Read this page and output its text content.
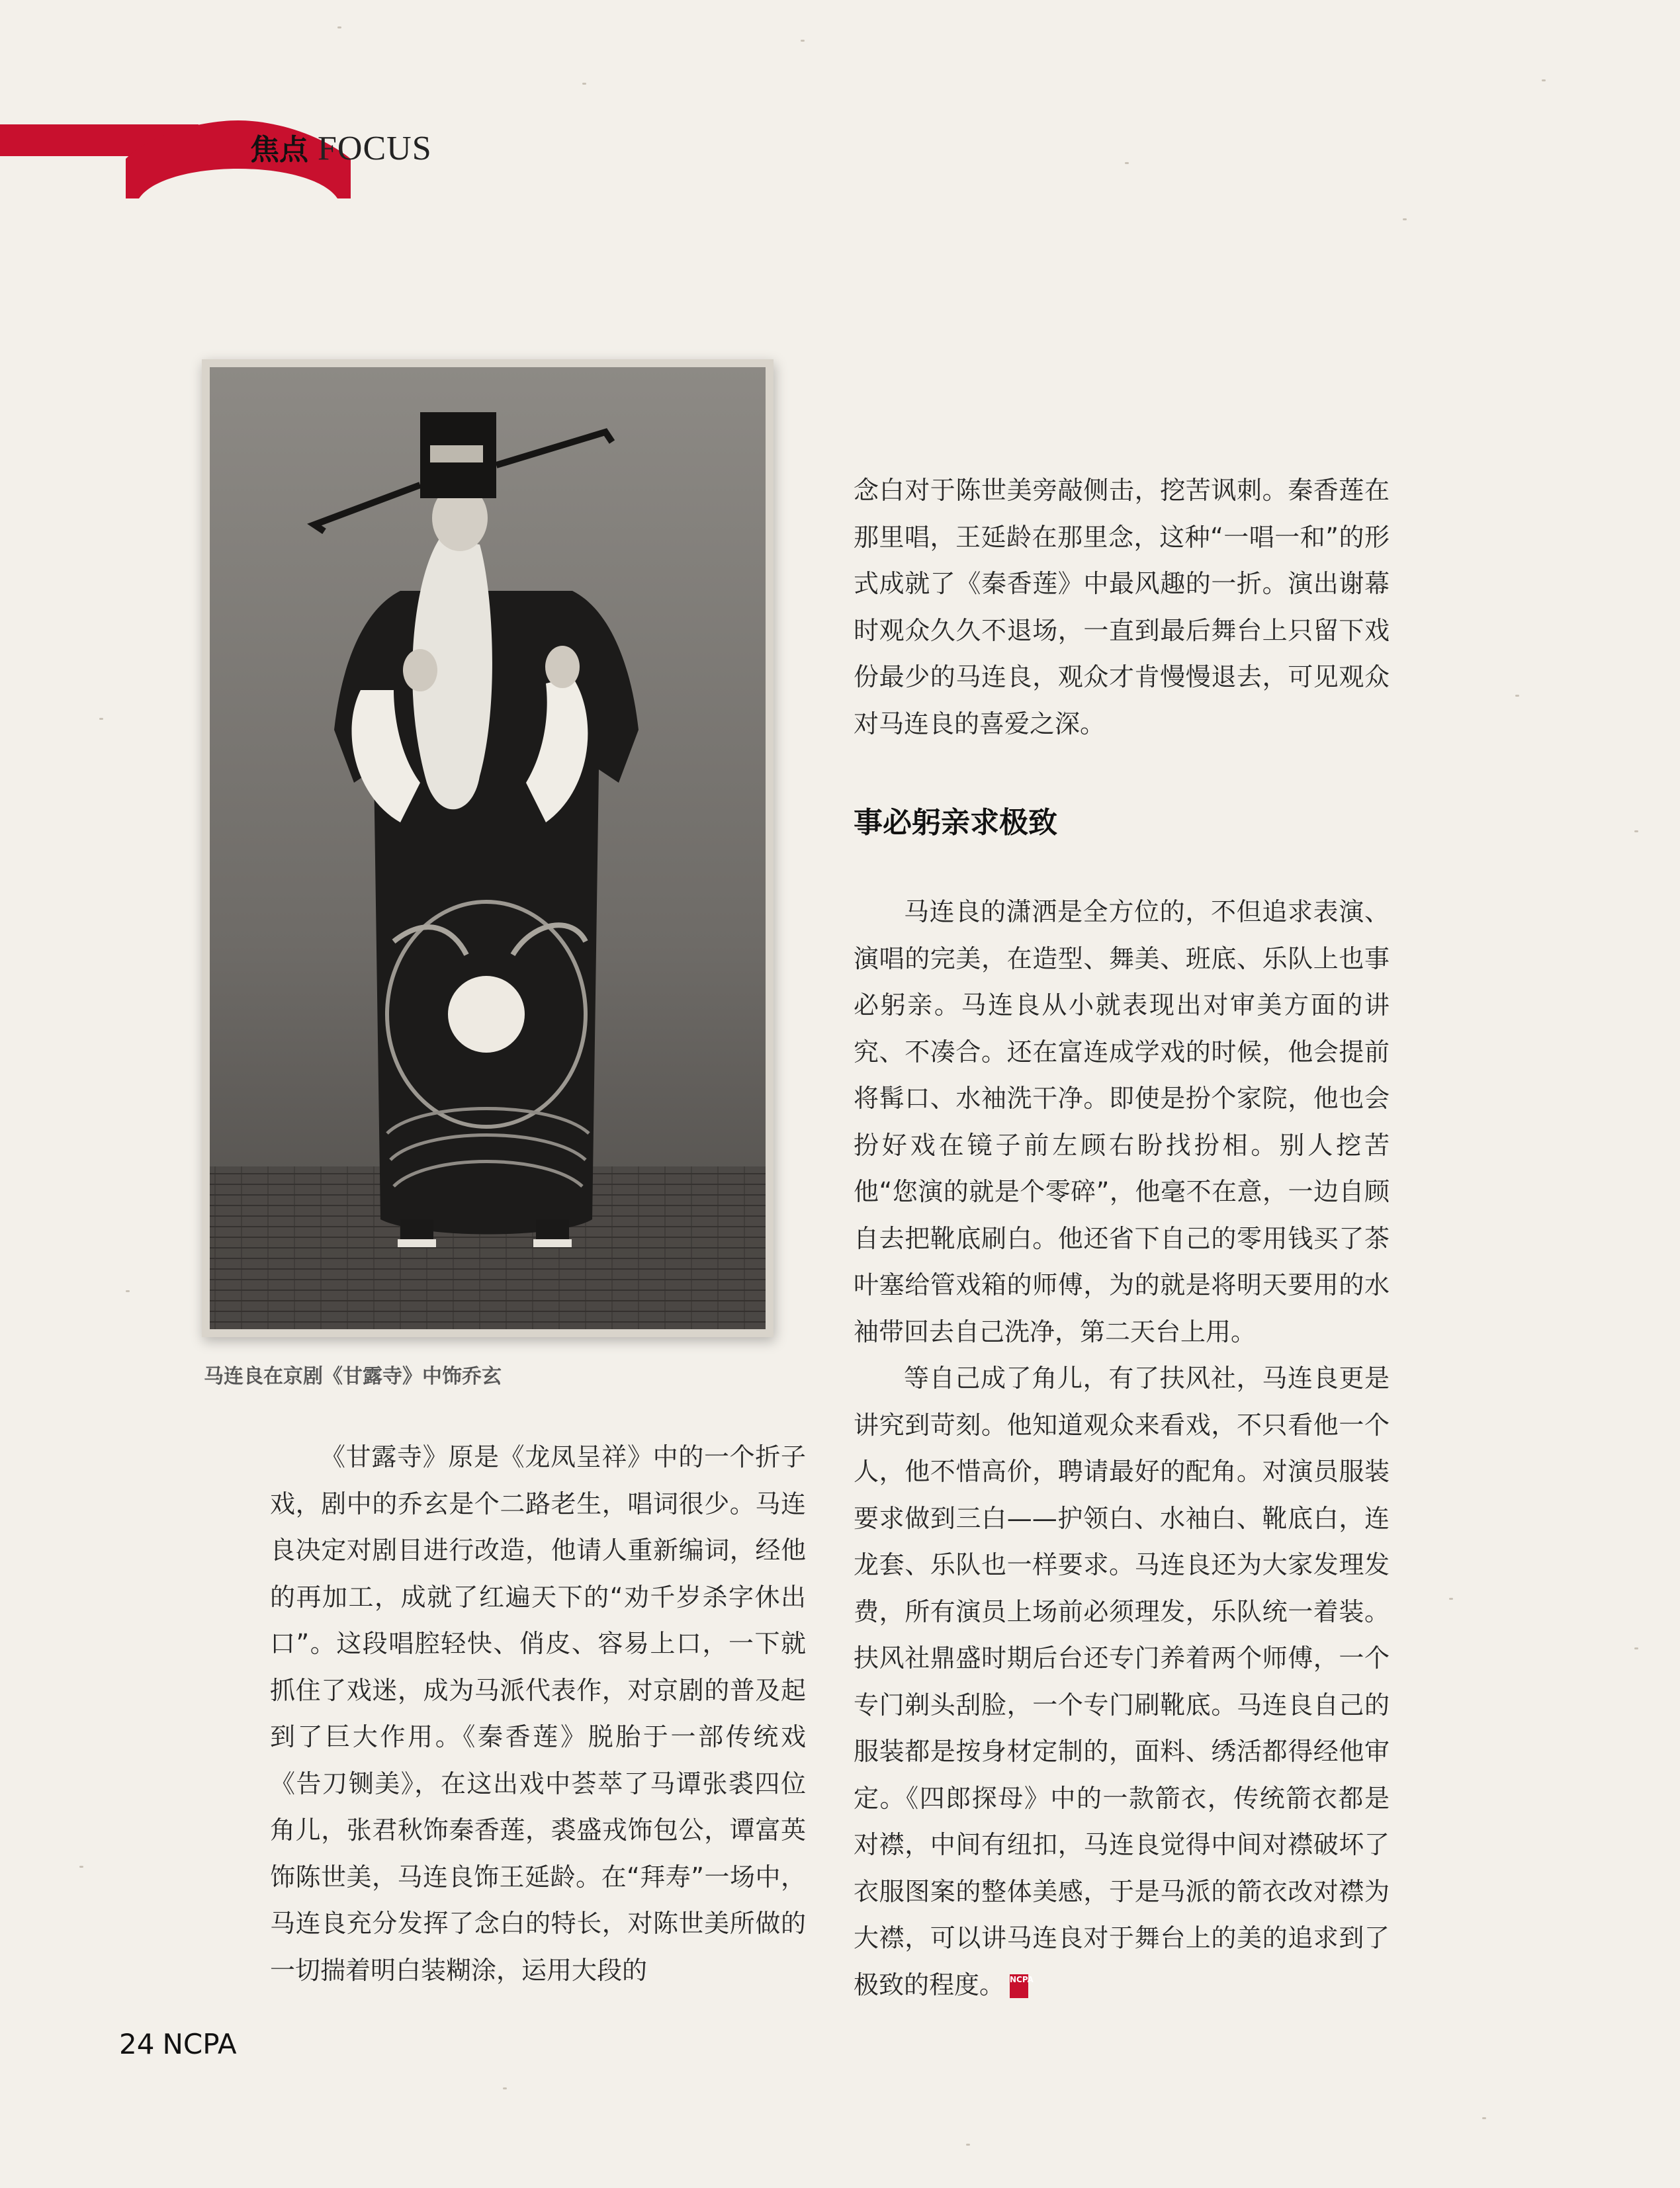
焦点 FOCUS
马连良在京剧《甘露寺》中饰乔玄

《甘露寺》原是《龙凤呈祥》中的一个折子戏，剧中的乔玄是个二路老生，唱词很少。马连良决定对剧目进行改造，他请人重新编词，经他的再加工，成就了红遍天下的“劝千岁杀字休出口”。这段唱腔轻快、俏皮、容易上口，一下就抓住了戏迷，成为马派代表作，对京剧的普及起到了巨大作用。《秦香莲》脱胎于一部传统戏《告刀铡美》，在这出戏中荟萃了马谭张裘四位角儿，张君秋饰秦香莲，裘盛戎饰包公，谭富英饰陈世美，马连良饰王延龄。在“拜寿”一场中，马连良充分发挥了念白的特长，对陈世美所做的一切揣着明白装糊涂，运用大段的

念白对于陈世美旁敲侧击，挖苦讽刺。秦香莲在那里唱，王延龄在那里念，这种“一唱一和”的形式成就了《秦香莲》中最风趣的一折。演出谢幕时观众久久不退场，一直到最后舞台上只留下戏份最少的马连良，观众才肯慢慢退去，可见观众对马连良的喜爱之深。

事必躬亲求极致

马连良的潇洒是全方位的，不但追求表演、演唱的完美，在造型、舞美、班底、乐队上也事必躬亲。马连良从小就表现出对审美方面的讲究、不凑合。还在富连成学戏的时候，他会提前将髯口、水袖洗干净。即使是扮个家院，他也会扮好戏在镜子前左顾右盼找扮相。别人挖苦他“您演的就是个零碎”，他毫不在意，一边自顾自去把靴底刷白。他还省下自己的零用钱买了茶叶塞给管戏箱的师傅，为的就是将明天要用的水袖带回去自己洗净，第二天台上用。

等自己成了角儿，有了扶风社，马连良更是讲究到苛刻。他知道观众来看戏，不只看他一个人，他不惜高价，聘请最好的配角。对演员服装要求做到三白——护领白、水袖白、靴底白，连龙套、乐队也一样要求。马连良还为大家发理发费，所有演员上场前必须理发，乐队统一着装。扶风社鼎盛时期后台还专门养着两个师傅，一个专门剃头刮脸，一个专门刷靴底。马连良自己的服装都是按身材定制的，面料、绣活都得经他审定。《四郎探母》中的一款箭衣，传统箭衣都是对襟，中间有纽扣，马连良觉得中间对襟破坏了衣服图案的整体美感，于是马派的箭衣改对襟为大襟，可以讲马连良对于舞台上的美的追求到了极致的程度。 NCPA

24 NCPA
